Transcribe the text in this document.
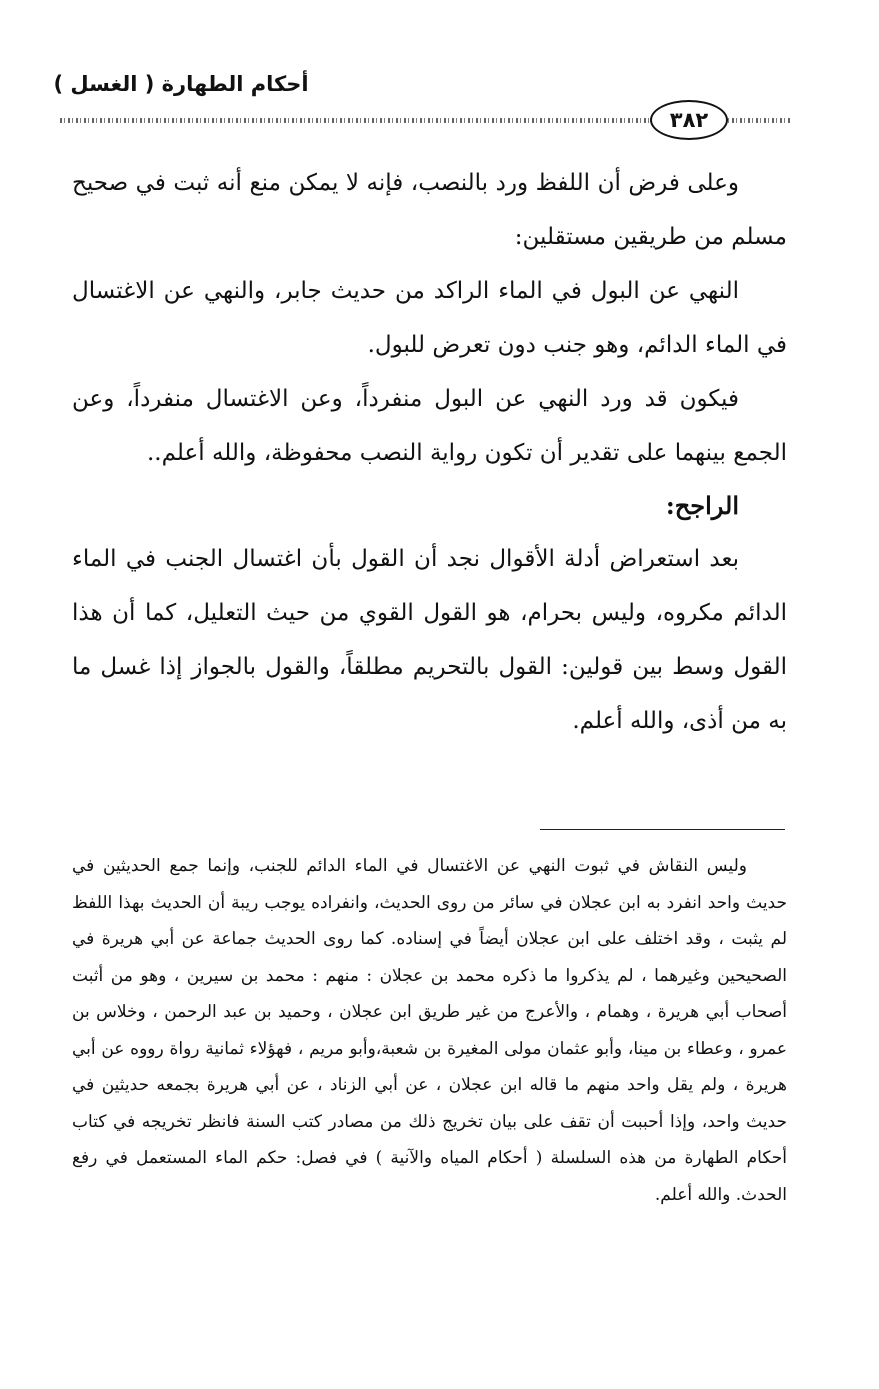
أحكام الطهارة ( الغسل )
٣٨٢

وعلى فرض أن اللفظ ورد بالنصب، فإنه لا يمكن منع أنه ثبت في صحيح مسلم من طريقين مستقلين:

النهي عن البول في الماء الراكد من حديث جابر، والنهي عن الاغتسال في الماء الدائم، وهو جنب دون تعرض للبول.

فيكون قد ورد النهي عن البول منفرداً، وعن الاغتسال منفرداً، وعن الجمع بينهما على تقدير أن تكون رواية النصب محفوظة، والله أعلم..

الراجح:

بعد استعراض أدلة الأقوال نجد أن القول بأن اغتسال الجنب في الماء الدائم مكروه، وليس بحرام، هو القول القوي من حيث التعليل، كما أن هذا القول وسط بين قولين: القول بالتحريم مطلقاً، والقول بالجواز إذا غسل ما به من أذى، والله أعلم.

وليس النقاش في ثبوت النهي عن الاغتسال في الماء الدائم للجنب، وإنما جمع الحديثين في حديث واحد انفرد به ابن عجلان في سائر من روى الحديث، وانفراده يوجب ريبة أن الحديث بهذا اللفظ لم يثبت ، وقد اختلف على ابن عجلان أيضاً في إسناده. كما روى الحديث جماعة عن أبي هريرة في الصحيحين وغيرهما ، لم يذكروا ما ذكره محمد بن عجلان : منهم : محمد بن سيرين ، وهو من أثبت أصحاب أبي هريرة ، وهمام ، والأعرج من غير طريق ابن عجلان ، وحميد بن عبد الرحمن ، وخلاس بن عمرو ، وعطاء بن مينا، وأبو عثمان مولى المغيرة بن شعبة،وأبو مريم ، فهؤلاء ثمانية رواة رووه عن أبي هريرة ، ولم يقل واحد منهم ما قاله ابن عجلان ، عن أبي الزناد ، عن أبي هريرة بجمعه حديثين في حديث واحد، وإذا أحببت أن تقف على بيان تخريج ذلك من مصادر كتب السنة فانظر تخريجه في كتاب أحكام الطهارة من هذه السلسلة ( أحكام المياه والآنية ) في فصل: حكم الماء المستعمل في رفع الحدث. والله أعلم.
